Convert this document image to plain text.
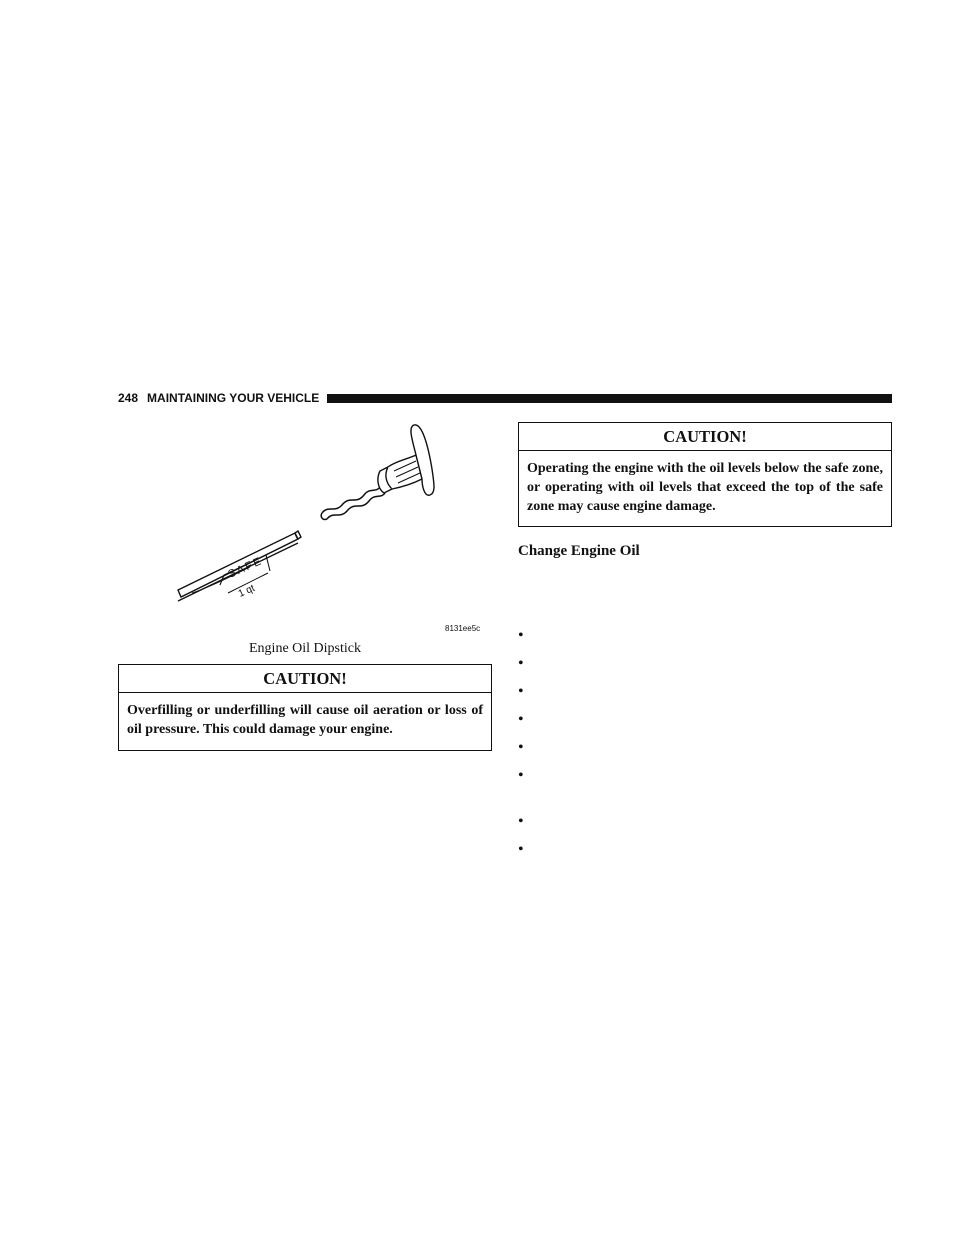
248 MAINTAINING YOUR VEHICLE
SAFE
1 qt
8131ee5c
Engine Oil Dipstick
CAUTION!
Overfilling or underfilling will cause oil aeration or loss of oil pressure. This could damage your engine.
CAUTION!
Operating the engine with the oil levels below the safe zone, or operating with oil levels that exceed the top of the safe zone may cause engine damage.
Change Engine Oil
•
•
•
•
•
•
•
•
